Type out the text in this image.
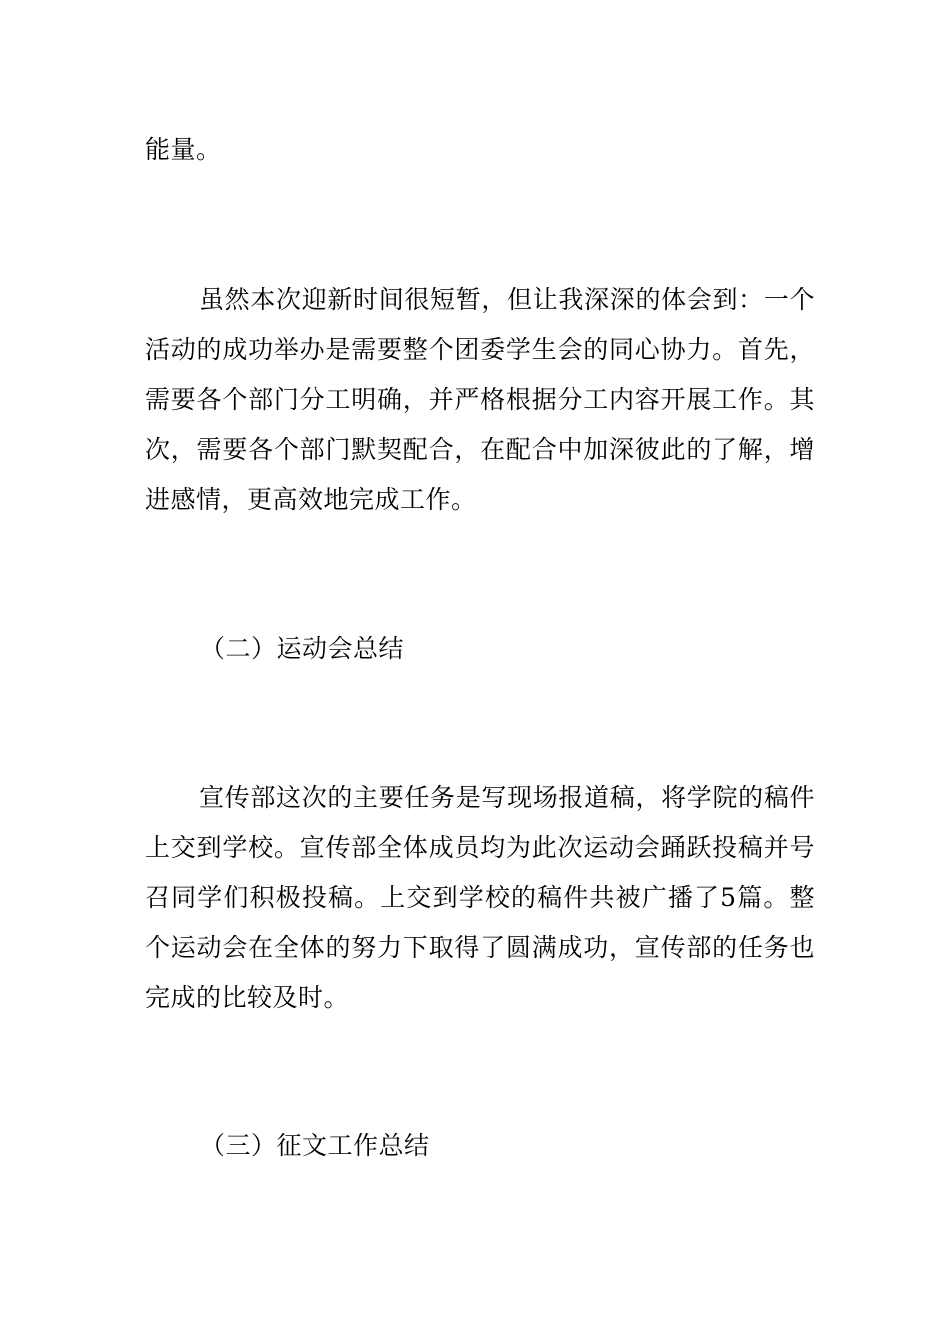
能量。
虽然本次迎新时间很短暂，但让我深深的体会到：一个活动的成功举办是需要整个团委学生会的同心协力。首先，需要各个部门分工明确，并严格根据分工内容开展工作。其次，需要各个部门默契配合，在配合中加深彼此的了解，增进感情，更高效地完成工作。
（二）运动会总结
宣传部这次的主要任务是写现场报道稿，将学院的稿件上交到学校。宣传部全体成员均为此次运动会踊跃投稿并号召同学们积极投稿。上交到学校的稿件共被广播了5篇。整个运动会在全体的努力下取得了圆满成功，宣传部的任务也完成的比较及时。
（三）征文工作总结
